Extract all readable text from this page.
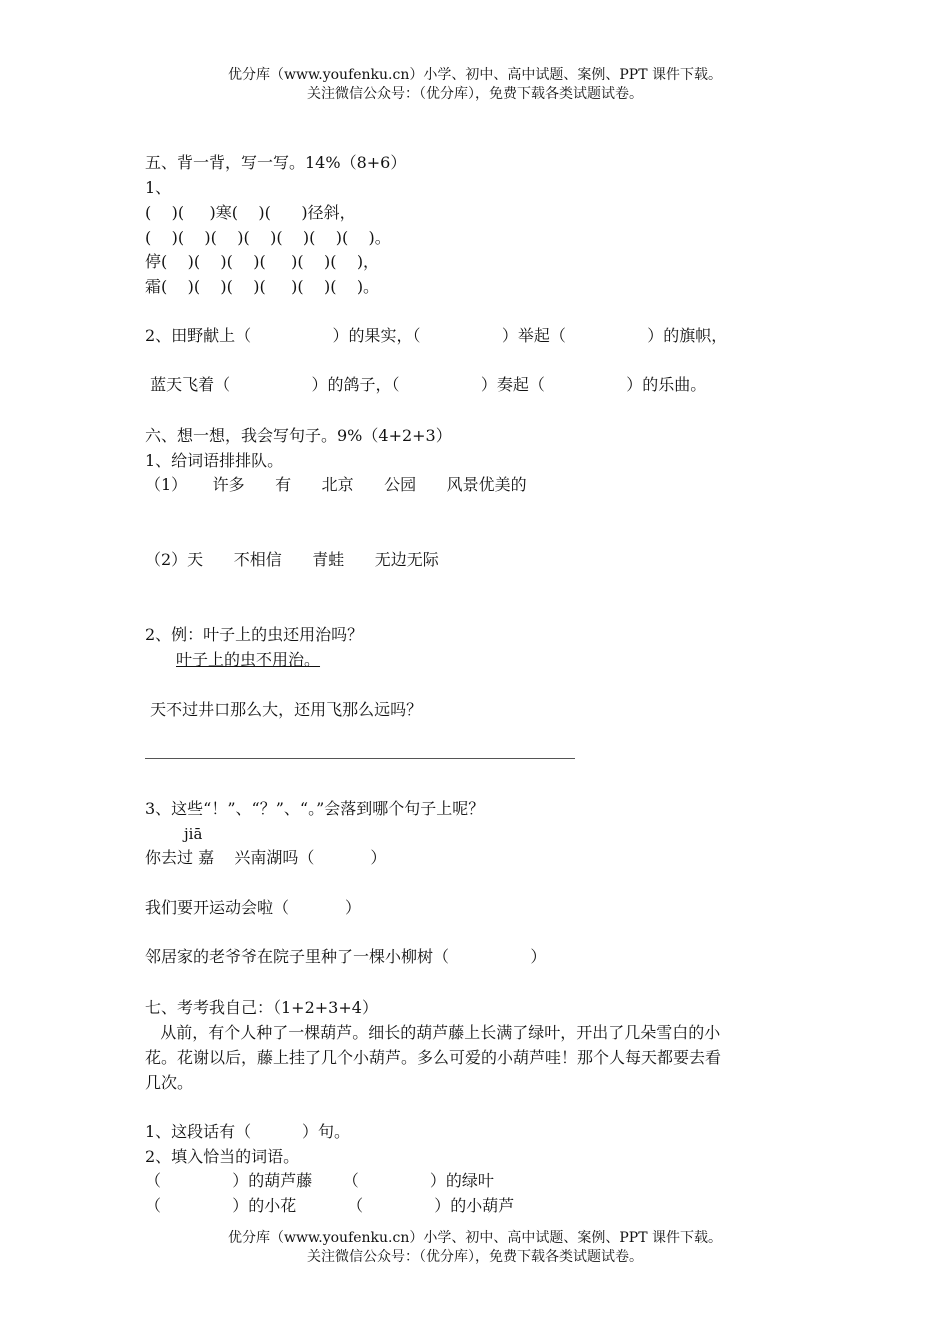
优分库（www.youfenku.cn）小学、初中、高中试题、案例、PPT 课件下载。
关注微信公众号：（优分库），免费下载各类试题试卷。
五、背一背，写一写。14%（8+6）
1、
(    )(     )寒(    )(      )径斜，
(    )(    )(    )(    )(    )(    )(    )。
停(    )(    )(    )(     )(    )(    )，
霜(    )(    )(    )(     )(    )(    )。
2、田野献上（                ）的果实，（                ）举起（                ）的旗帜，
蓝天飞着（                ）的鸽子，（                ）奏起（                ）的乐曲。
六、想一想，我会写句子。9%（4+2+3）
1、给词语排排队。
（1）     许多      有      北京      公园      风景优美的
（2）天      不相信      青蛙      无边无际
2、例：叶子上的虫还用治吗？
叶子上的虫不用治。
天不过井口那么大，还用飞那么远吗？
3、这些“！”、“？”、“。”会落到哪个句子上呢？
jiā
你去过 嘉    兴南湖吗（           ）
我们要开运动会啦（           ）
邻居家的老爷爷在院子里种了一棵小柳树（                ）
七、考考我自己：（1+2+3+4）
从前，有个人种了一棵葫芦。细长的葫芦藤上长满了绿叶，开出了几朵雪白的小
花。花谢以后，藤上挂了几个小葫芦。多么可爱的小葫芦哇！那个人每天都要去看
几次。
1、这段话有（          ）句。
2、填入恰当的词语。
（              ）的葫芦藤      （              ）的绿叶
（              ）的小花          （              ）的小葫芦
优分库（www.youfenku.cn）小学、初中、高中试题、案例、PPT 课件下载。
关注微信公众号：（优分库），免费下载各类试题试卷。
